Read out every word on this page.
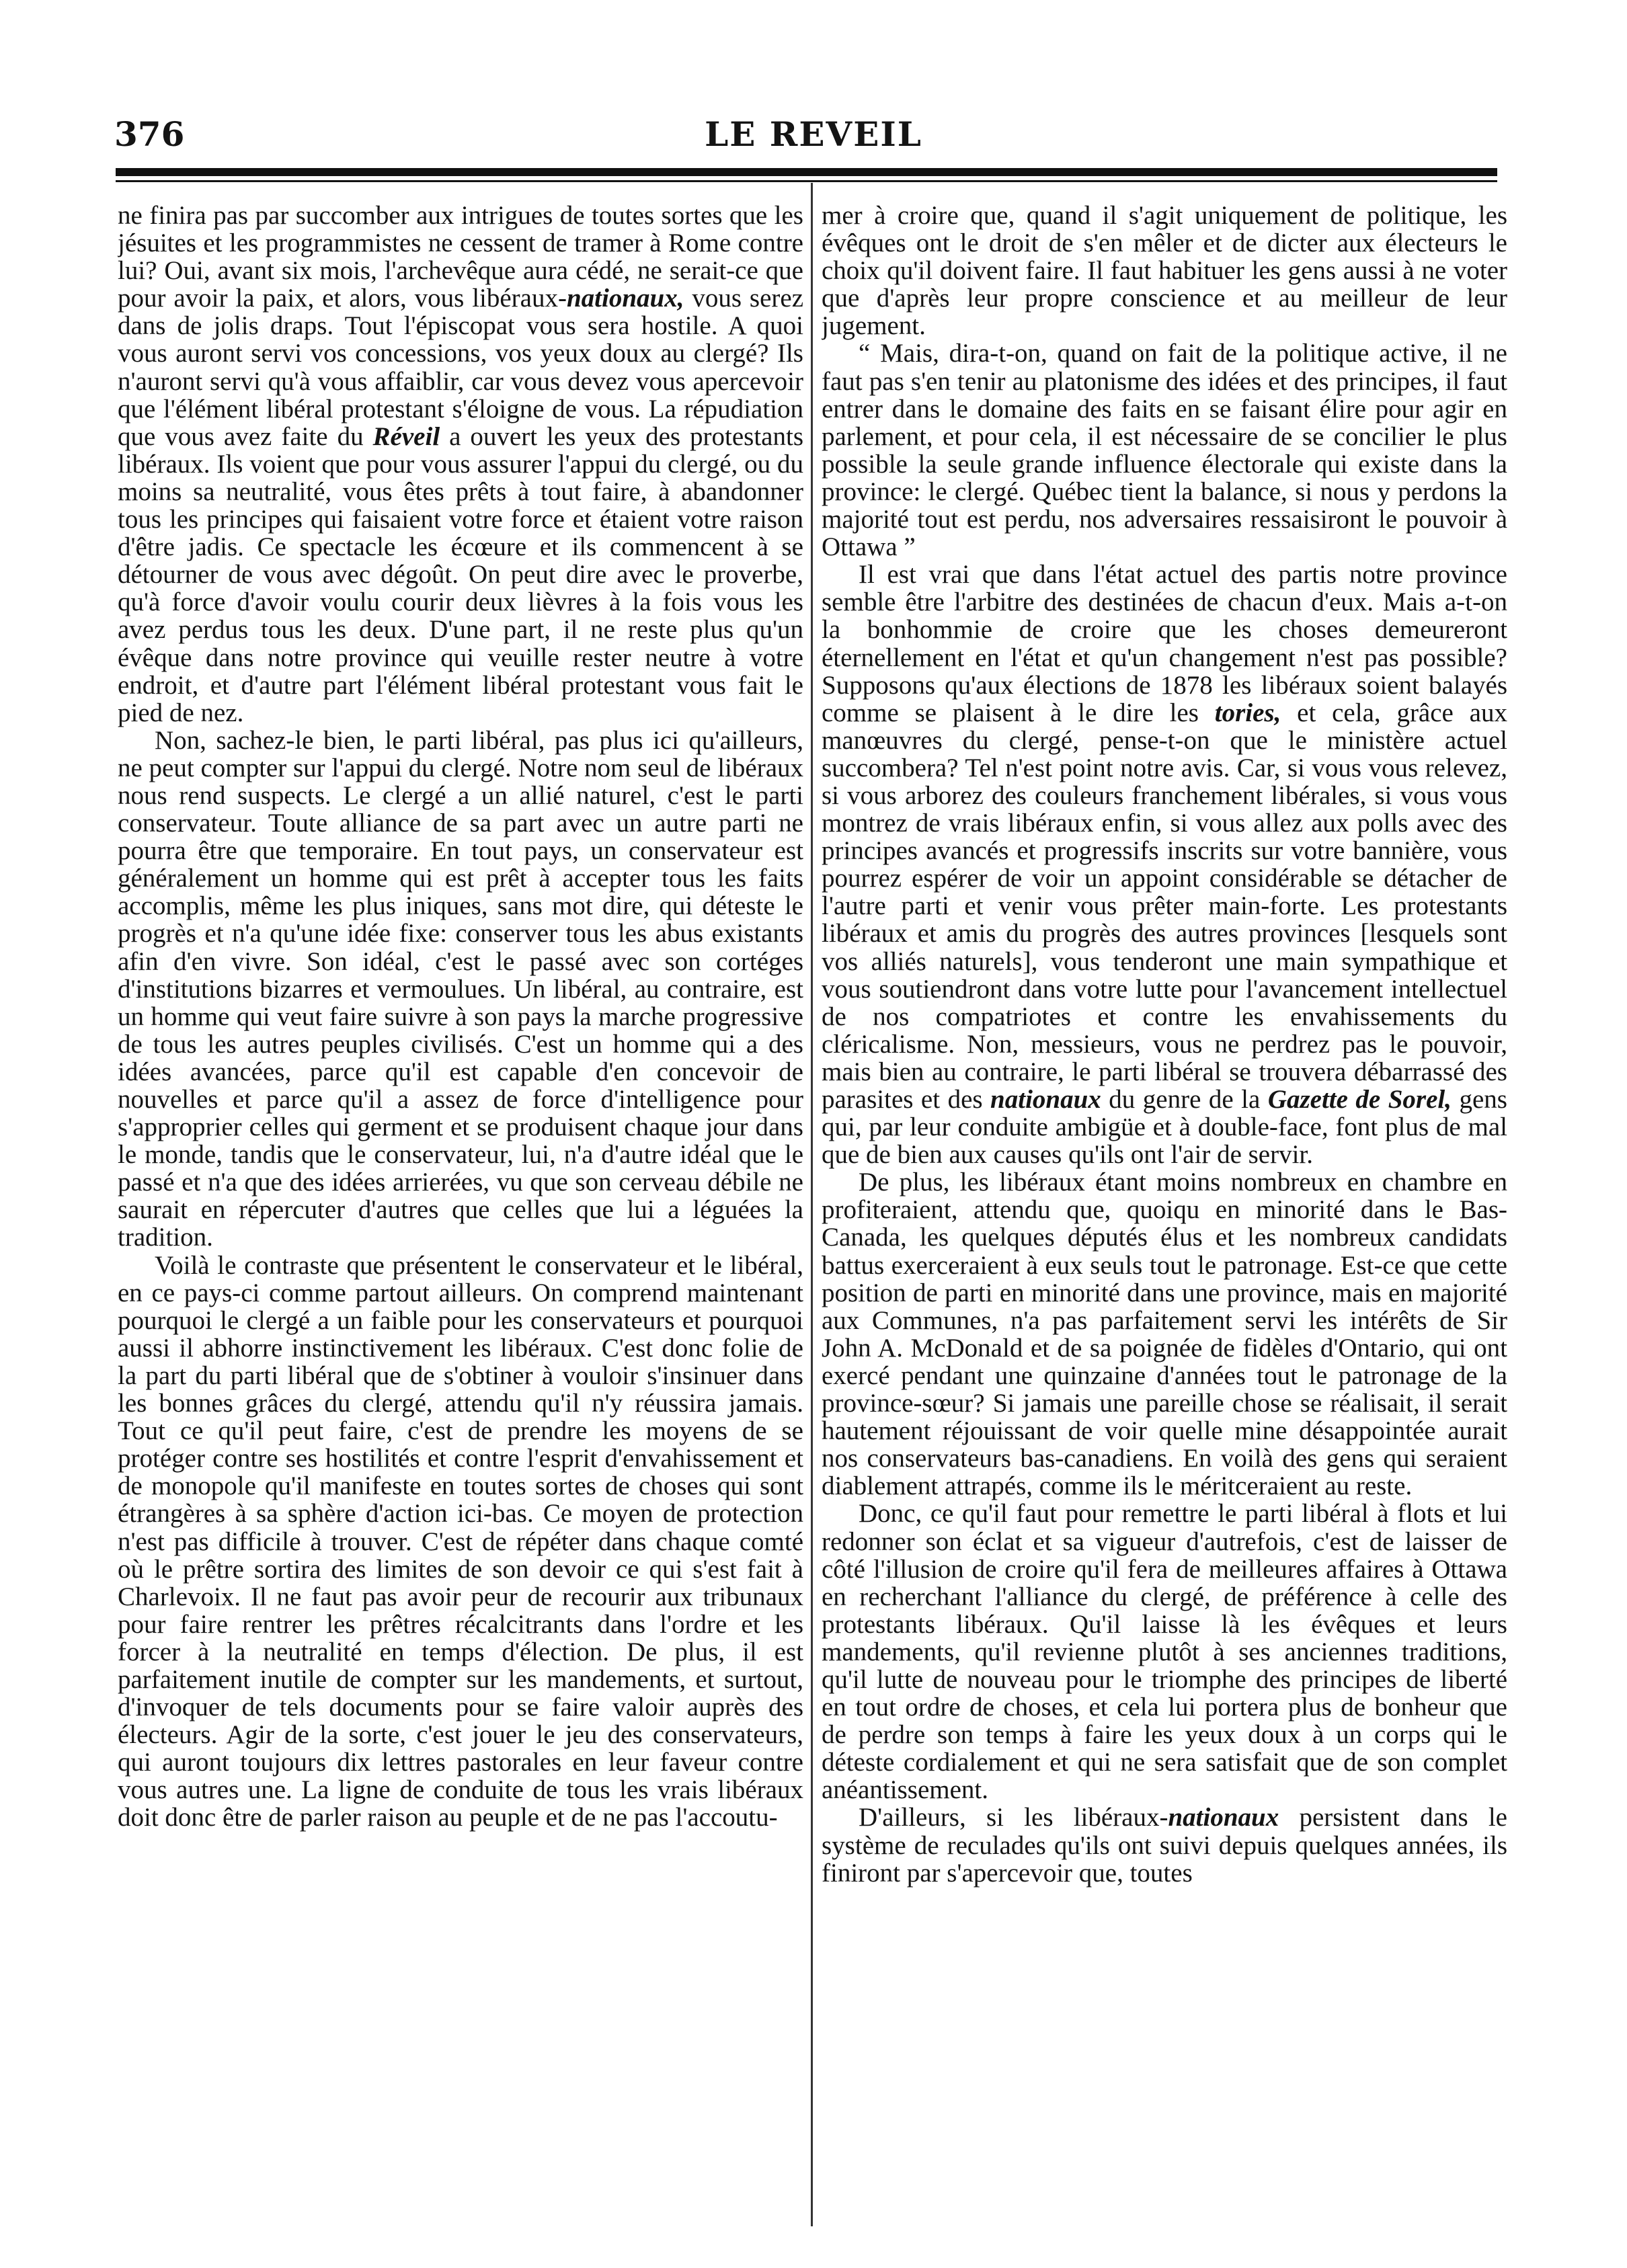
376	LE REVEIL

ne finira pas par succomber aux intrigues de toutes sortes que les jésuites et les programmistes ne cessent de tramer à Rome contre lui? Oui, avant six mois, l'archevêque aura cédé, ne serait-ce que pour avoir la paix, et alors, vous libéraux-nationaux, vous serez dans de jolis draps. Tout l'épiscopat vous sera hostile. A quoi vous auront servi vos concessions, vos yeux doux au clergé? Ils n'auront servi qu'à vous affaiblir, car vous devez vous apercevoir que l'élément libéral protestant s'éloigne de vous. La répudiation que vous avez faite du Réveil a ouvert les yeux des protestants libéraux. Ils voient que pour vous assurer l'appui du clergé, ou du moins sa neutralité, vous êtes prêts à tout faire, à abandonner tous les principes qui faisaient votre force et étaient votre raison d'être jadis. Ce spectacle les écœure et ils commencent à se détourner de vous avec dégoût. On peut dire avec le proverbe, qu'à force d'avoir voulu courir deux lièvres à la fois vous les avez perdus tous les deux. D'une part, il ne reste plus qu'un évêque dans notre province qui veuille rester neutre à votre endroit, et d'autre part l'élément libéral protestant vous fait le pied de nez.

Non, sachez-le bien, le parti libéral, pas plus ici qu'ailleurs, ne peut compter sur l'appui du clergé. Notre nom seul de libéraux nous rend suspects. Le clergé a un allié naturel, c'est le parti conservateur. Toute alliance de sa part avec un autre parti ne pourra être que temporaire. En tout pays, un conservateur est généralement un homme qui est prêt à accepter tous les faits accomplis, même les plus iniques, sans mot dire, qui déteste le progrès et n'a qu'une idée fixe: conserver tous les abus existants afin d'en vivre. Son idéal, c'est le passé avec son cortéges d'institutions bizarres et vermoulues. Un libéral, au contraire, est un homme qui veut faire suivre à son pays la marche progressive de tous les autres peuples civilisés. C'est un homme qui a des idées avancées, parce qu'il est capable d'en concevoir de nouvelles et parce qu'il a assez de force d'intelligence pour s'approprier celles qui germent et se produisent chaque jour dans le monde, tandis que le conservateur, lui, n'a d'autre idéal que le passé et n'a que des idées arrierées, vu que son cerveau débile ne saurait en répercuter d'autres que celles que lui a léguées la tradition.

Voilà le contraste que présentent le conservateur et le libéral, en ce pays-ci comme partout ailleurs. On comprend maintenant pourquoi le clergé a un faible pour les conservateurs et pourquoi aussi il abhorre instinctivement les libéraux. C'est donc folie de la part du parti libéral que de s'obtiner à vouloir s'insinuer dans les bonnes grâces du clergé, attendu qu'il n'y réussira jamais. Tout ce qu'il peut faire, c'est de prendre les moyens de se protéger contre ses hostilités et contre l'esprit d'envahissement et de monopole qu'il manifeste en toutes sortes de choses qui sont étrangères à sa sphère d'action ici-bas. Ce moyen de protection n'est pas difficile à trouver. C'est de répéter dans chaque comté où le prêtre sortira des limites de son devoir ce qui s'est fait à Charlevoix. Il ne faut pas avoir peur de recourir aux tribunaux pour faire rentrer les prêtres récalcitrants dans l'ordre et les forcer à la neutralité en temps d'élection. De plus, il est parfaitement inutile de compter sur les mandements, et surtout, d'invoquer de tels documents pour se faire valoir auprès des électeurs. Agir de la sorte, c'est jouer le jeu des conservateurs, qui auront toujours dix lettres pastorales en leur faveur contre vous autres une. La ligne de conduite de tous les vrais libéraux doit donc être de parler raison au peuple et de ne pas l'accoutu-

mer à croire que, quand il s'agit uniquement de politique, les évêques ont le droit de s'en mêler et de dicter aux électeurs le choix qu'il doivent faire. Il faut habituer les gens aussi à ne voter que d'après leur propre conscience et au meilleur de leur jugement.

“ Mais, dira-t-on, quand on fait de la politique active, il ne faut pas s'en tenir au platonisme des idées et des principes, il faut entrer dans le domaine des faits en se faisant élire pour agir en parlement, et pour cela, il est nécessaire de se concilier le plus possible la seule grande influence électorale qui existe dans la province: le clergé. Québec tient la balance, si nous y perdons la majorité tout est perdu, nos adversaires ressaisiront le pouvoir à Ottawa ”

Il est vrai que dans l'état actuel des partis notre province semble être l'arbitre des destinées de chacun d'eux. Mais a-t-on la bonhommie de croire que les choses demeureront éternellement en l'état et qu'un changement n'est pas possible? Supposons qu'aux élections de 1878 les libéraux soient balayés comme se plaisent à le dire les tories, et cela, grâce aux manœuvres du clergé, pense-t-on que le ministère actuel succombera? Tel n'est point notre avis. Car, si vous vous relevez, si vous arborez des couleurs franchement libérales, si vous vous montrez de vrais libéraux enfin, si vous allez aux polls avec des principes avancés et progressifs inscrits sur votre bannière, vous pourrez espérer de voir un appoint considérable se détacher de l'autre parti et venir vous prêter main-forte. Les protestants libéraux et amis du progrès des autres provinces [lesquels sont vos alliés naturels], vous tenderont une main sympathique et vous soutiendront dans votre lutte pour l'avancement intellectuel de nos compatriotes et contre les envahissements du cléricalisme. Non, messieurs, vous ne perdrez pas le pouvoir, mais bien au contraire, le parti libéral se trouvera débarrassé des parasites et des nationaux du genre de la Gazette de Sorel, gens qui, par leur conduite ambigüe et à double-face, font plus de mal que de bien aux causes qu'ils ont l'air de servir.

De plus, les libéraux étant moins nombreux en chambre en profiteraient, attendu que, quoiqu en minorité dans le Bas-Canada, les quelques députés élus et les nombreux candidats battus exerceraient à eux seuls tout le patronage. Est-ce que cette position de parti en minorité dans une province, mais en majorité aux Communes, n'a pas parfaitement servi les intérêts de Sir John A. McDonald et de sa poignée de fidèles d'Ontario, qui ont exercé pendant une quinzaine d'années tout le patronage de la province-sœur? Si jamais une pareille chose se réalisait, il serait hautement réjouissant de voir quelle mine désappointée aurait nos conservateurs bas-canadiens. En voilà des gens qui seraient diablement attrapés, comme ils le méritceraient au reste.

Donc, ce qu'il faut pour remettre le parti libéral à flots et lui redonner son éclat et sa vigueur d'autrefois, c'est de laisser de côté l'illusion de croire qu'il fera de meilleures affaires à Ottawa en recherchant l'alliance du clergé, de préférence à celle des protestants libéraux. Qu'il laisse là les évêques et leurs mandements, qu'il revienne plutôt à ses anciennes traditions, qu'il lutte de nouveau pour le triomphe des principes de liberté en tout ordre de choses, et cela lui portera plus de bonheur que de perdre son temps à faire les yeux doux à un corps qui le déteste cordialement et qui ne sera satisfait que de son complet anéantissement.

D'ailleurs, si les libéraux-nationaux persistent dans le système de reculades qu'ils ont suivi depuis quelques années, ils finiront par s'apercevoir que, toutes
